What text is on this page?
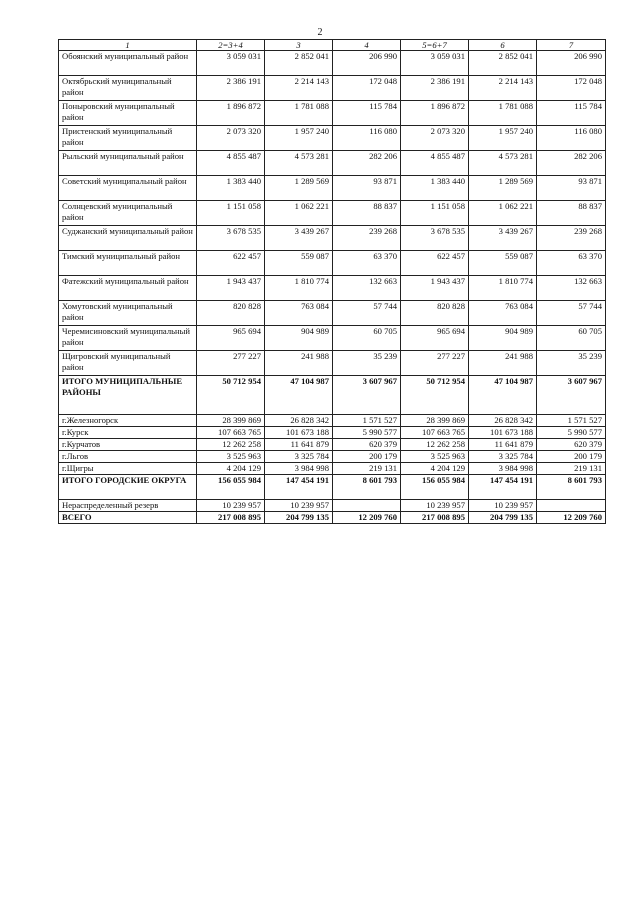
2
1	2=3+4	3	4	5=6+7	6	7
Обоянский муниципальный район	3 059 031	2 852 041	206 990	3 059 031	2 852 041	206 990
Октябрьский муниципальный район	2 386 191	2 214 143	172 048	2 386 191	2 214 143	172 048
Поныровский муниципальный район	1 896 872	1 781 088	115 784	1 896 872	1 781 088	115 784
Пристенский муниципальный район	2 073 320	1 957 240	116 080	2 073 320	1 957 240	116 080
Рыльский муниципальный район	4 855 487	4 573 281	282 206	4 855 487	4 573 281	282 206
Советский муниципальный район	1 383 440	1 289 569	93 871	1 383 440	1 289 569	93 871
Солнцевский муниципальный район	1 151 058	1 062 221	88 837	1 151 058	1 062 221	88 837
Суджанский муниципальный район	3 678 535	3 439 267	239 268	3 678 535	3 439 267	239 268
Тимский муниципальный район	622 457	559 087	63 370	622 457	559 087	63 370
Фатежский муниципальный район	1 943 437	1 810 774	132 663	1 943 437	1 810 774	132 663
Хомутовский муниципальный район	820 828	763 084	57 744	820 828	763 084	57 744
Черемисиновский муниципальный район	965 694	904 989	60 705	965 694	904 989	60 705
Щигровский муниципальный район	277 227	241 988	35 239	277 227	241 988	35 239
ИТОГО МУНИЦИПАЛЬНЫЕ РАЙОНЫ	50 712 954	47 104 987	3 607 967	50 712 954	47 104 987	3 607 967
г.Железногорск	28 399 869	26 828 342	1 571 527	28 399 869	26 828 342	1 571 527
г.Курск	107 663 765	101 673 188	5 990 577	107 663 765	101 673 188	5 990 577
г.Курчатов	12 262 258	11 641 879	620 379	12 262 258	11 641 879	620 379
г.Льгов	3 525 963	3 325 784	200 179	3 525 963	3 325 784	200 179
г.Щигры	4 204 129	3 984 998	219 131	4 204 129	3 984 998	219 131
ИТОГО ГОРОДСКИЕ ОКРУГА	156 055 984	147 454 191	8 601 793	156 055 984	147 454 191	8 601 793
Нераспределенный резерв	10 239 957	10 239 957		10 239 957	10 239 957	
ВСЕГО	217 008 895	204 799 135	12 209 760	217 008 895	204 799 135	12 209 760
